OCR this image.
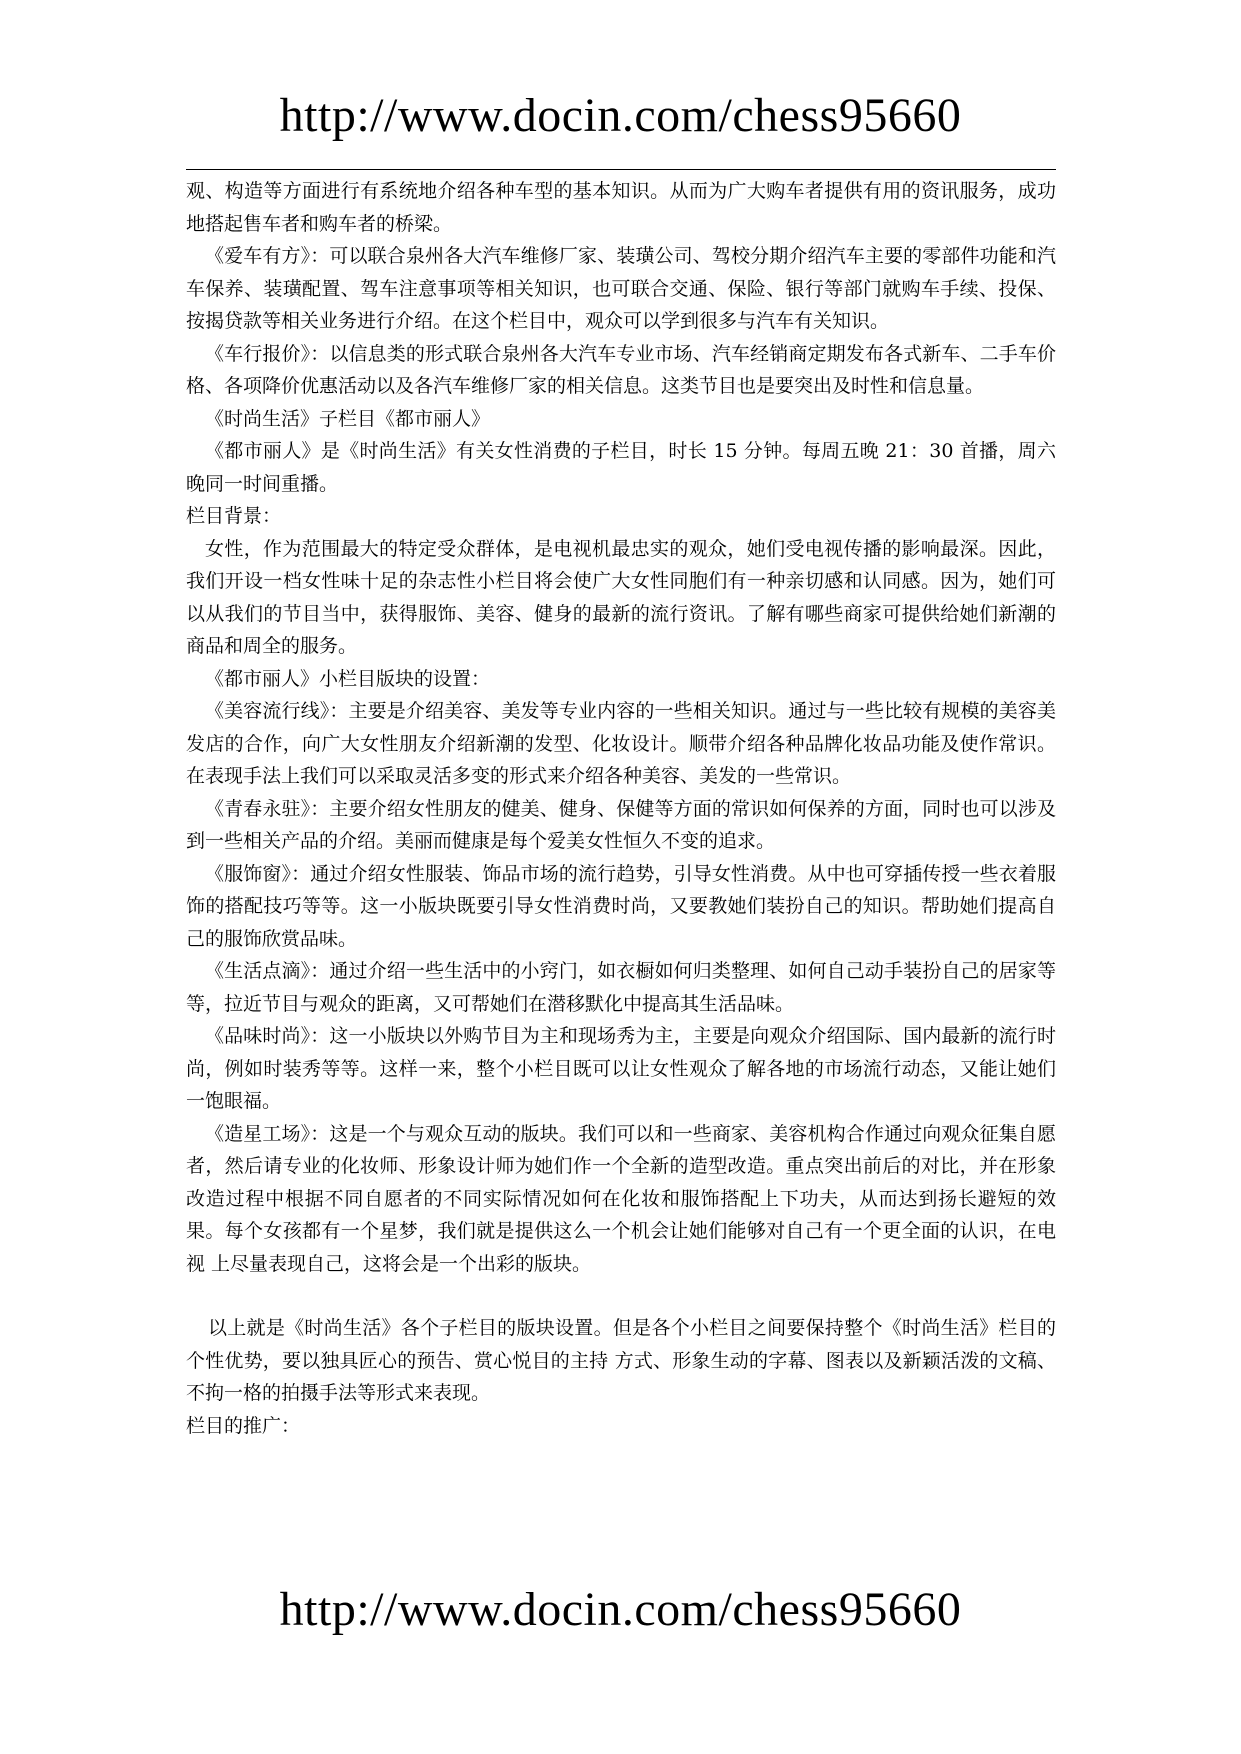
http://www.docin.com/chess95660

观、构造等方面进行有系统地介绍各种车型的基本知识。从而为广大购车者提供有用的资讯服务，成功地搭起售车者和购车者的桥梁。

《爱车有方》：可以联合泉州各大汽车维修厂家、装璜公司、驾校分期介绍汽车主要的零部件功能和汽车保养、装璜配置、驾车注意事项等相关知识，也可联合交通、保险、银行等部门就购车手续、投保、按揭贷款等相关业务进行介绍。在这个栏目中，观众可以学到很多与汽车有关知识。

《车行报价》：以信息类的形式联合泉州各大汽车专业市场、汽车经销商定期发布各式新车、二手车价格、各项降价优惠活动以及各汽车维修厂家的相关信息。这类节目也是要突出及时性和信息量。

《时尚生活》子栏目《都市丽人》

《都市丽人》是《时尚生活》有关女性消费的子栏目，时长 15 分钟。每周五晚 21：30 首播，周六晚同一时间重播。

栏目背景：

女性，作为范围最大的特定受众群体，是电视机最忠实的观众，她们受电视传播的影响最深。因此，我们开设一档女性味十足的杂志性小栏目将会使广大女性同胞们有一种亲切感和认同感。因为，她们可以从我们的节目当中，获得服饰、美容、健身的最新的流行资讯。了解有哪些商家可提供给她们新潮的商品和周全的服务。

《都市丽人》小栏目版块的设置：

《美容流行线》：主要是介绍美容、美发等专业内容的一些相关知识。通过与一些比较有规模的美容美发店的合作，向广大女性朋友介绍新潮的发型、化妆设计。顺带介绍各种品牌化妆品功能及使作常识。在表现手法上我们可以采取灵活多变的形式来介绍各种美容、美发的一些常识。

《青春永驻》：主要介绍女性朋友的健美、健身、保健等方面的常识如何保养的方面，同时也可以涉及到一些相关产品的介绍。美丽而健康是每个爱美女性恒久不变的追求。

《服饰窗》：通过介绍女性服装、饰品市场的流行趋势，引导女性消费。从中也可穿插传授一些衣着服饰的搭配技巧等等。这一小版块既要引导女性消费时尚，又要教她们装扮自己的知识。帮助她们提高自己的服饰欣赏品味。

《生活点滴》：通过介绍一些生活中的小窍门，如衣橱如何归类整理、如何自己动手装扮自己的居家等等，拉近节目与观众的距离，又可帮她们在潜移默化中提高其生活品味。

《品味时尚》：这一小版块以外购节目为主和现场秀为主，主要是向观众介绍国际、国内最新的流行时尚，例如时装秀等等。这样一来，整个小栏目既可以让女性观众了解各地的市场流行动态，又能让她们一饱眼福。

《造星工场》：这是一个与观众互动的版块。我们可以和一些商家、美容机构合作通过向观众征集自愿者，然后请专业的化妆师、形象设计师为她们作一个全新的造型改造。重点突出前后的对比，并在形象改造过程中根据不同自愿者的不同实际情况如何在化妆和服饰搭配上下功夫，从而达到扬长避短的效果。每个女孩都有一个星梦，我们就是提供这么一个机会让她们能够对自己有一个更全面的认识，在电视 上尽量表现自己，这将会是一个出彩的版块。

以上就是《时尚生活》各个子栏目的版块设置。但是各个小栏目之间要保持整个《时尚生活》栏目的个性优势，要以独具匠心的预告、赏心悦目的主持 方式、形象生动的字幕、图表以及新颖活泼的文稿、不拘一格的拍摄手法等形式来表现。

栏目的推广：

http://www.docin.com/chess95660
